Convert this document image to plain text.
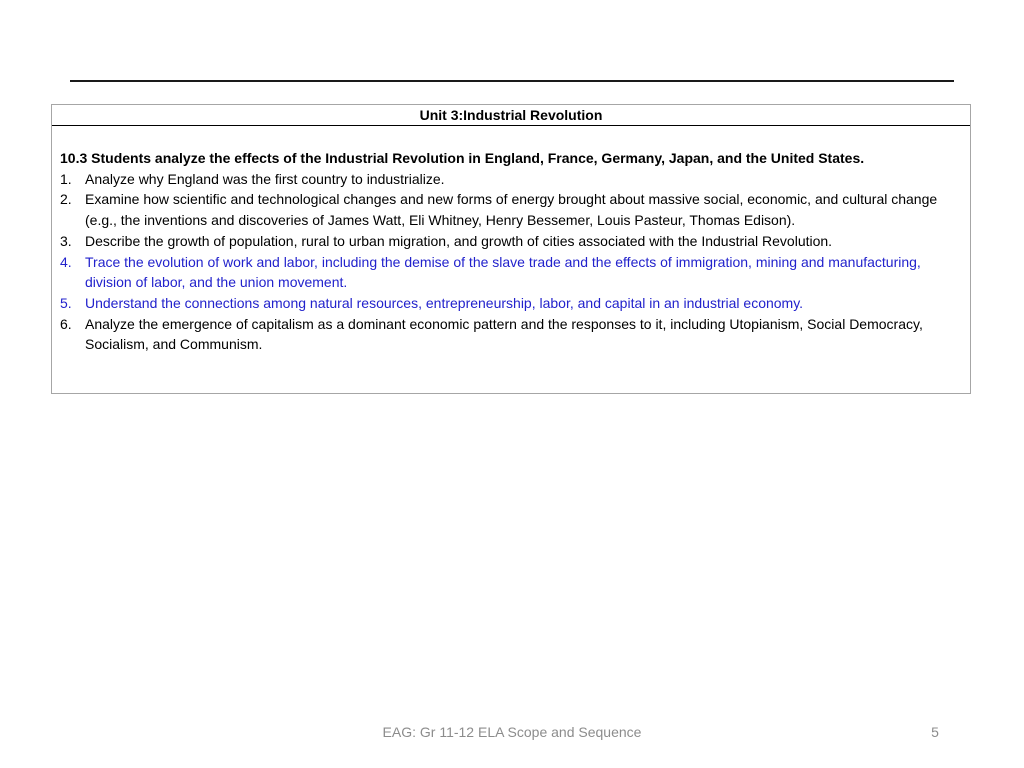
Unit 3:Industrial Revolution
10.3 Students analyze the effects of the Industrial Revolution in England, France, Germany, Japan, and the United States.
1. Analyze why England was the first country to industrialize.
2. Examine how scientific and technological changes and new forms of energy brought about massive social, economic, and cultural change (e.g., the inventions and discoveries of James Watt, Eli Whitney, Henry Bessemer, Louis Pasteur, Thomas Edison).
3. Describe the growth of population, rural to urban migration, and growth of cities associated with the Industrial Revolution.
4. Trace the evolution of work and labor, including the demise of the slave trade and the effects of immigration, mining and manufacturing, division of labor, and the union movement.
5. Understand the connections among natural resources, entrepreneurship, labor, and capital in an industrial economy.
6. Analyze the emergence of capitalism as a dominant economic pattern and the responses to it, including Utopianism, Social Democracy, Socialism, and Communism.
EAG: Gr 11-12 ELA Scope and Sequence	5
